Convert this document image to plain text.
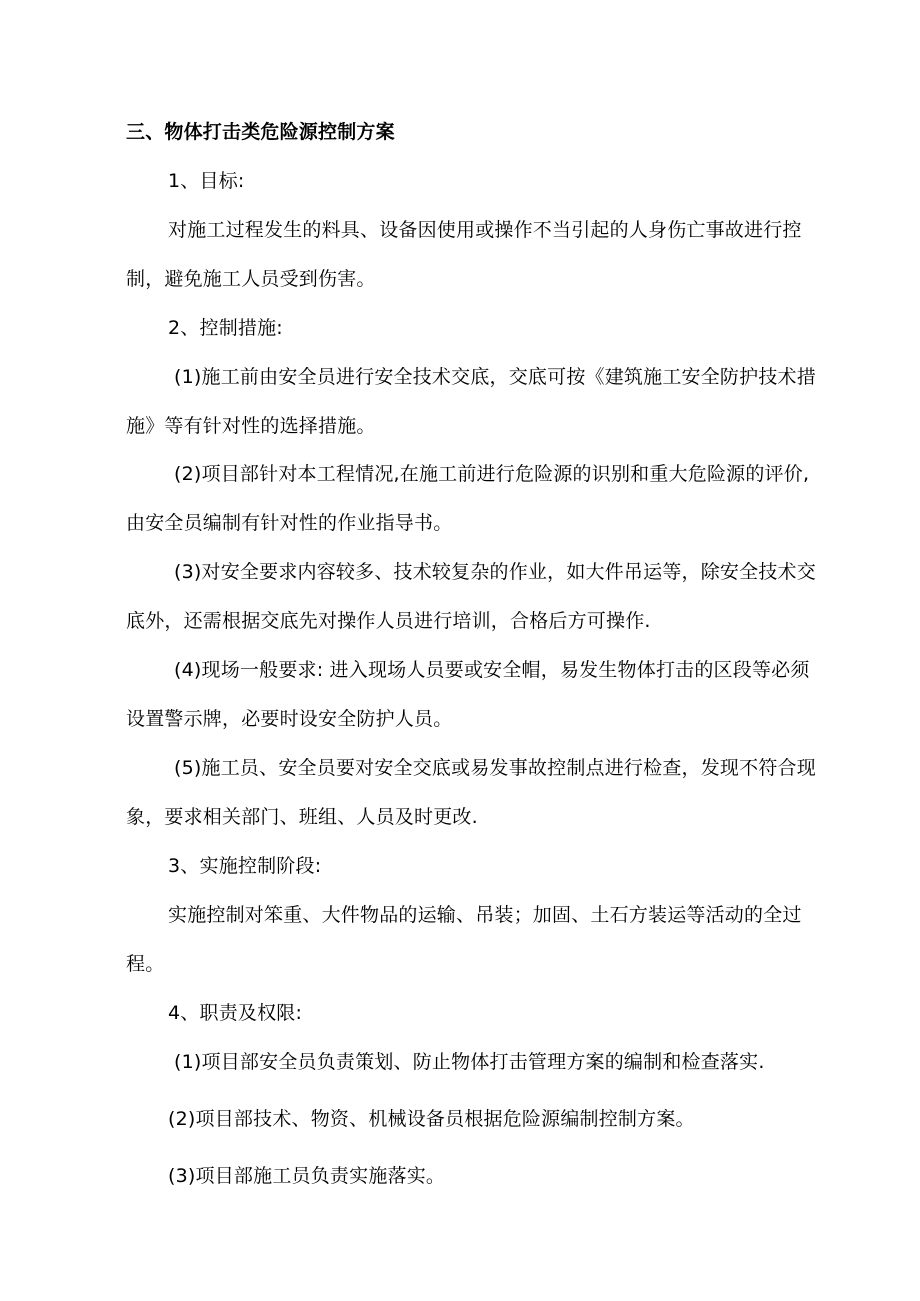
三、物体打击类危险源控制方案
1、目标:
对施工过程发生的料具、设备因使用或操作不当引起的人身伤亡事故进行控
制，避免施工人员受到伤害。
2、控制措施:
(1)施工前由安全员进行安全技术交底，交底可按《建筑施工安全防护技术措
施》等有针对性的选择措施。
(2)项目部针对本工程情况,在施工前进行危险源的识别和重大危险源的评价,
由安全员编制有针对性的作业指导书。
(3)对安全要求内容较多、技术较复杂的作业，如大件吊运等，除安全技术交
底外，还需根据交底先对操作人员进行培训，合格后方可操作.
(4)现场一般要求: 进入现场人员要或安全帽，易发生物体打击的区段等必须
设置警示牌，必要时设安全防护人员。
(5)施工员、安全员要对安全交底或易发事故控制点进行检查，发现不符合现
象，要求相关部门、班组、人员及时更改.
3、实施控制阶段:
实施控制对笨重、大件物品的运输、吊装；加固、土石方装运等活动的全过
程。
4、职责及权限:
(1)项目部安全员负责策划、防止物体打击管理方案的编制和检查落实.
(2)项目部技术、物资、机械设备员根据危险源编制控制方案。
(3)项目部施工员负责实施落实。
